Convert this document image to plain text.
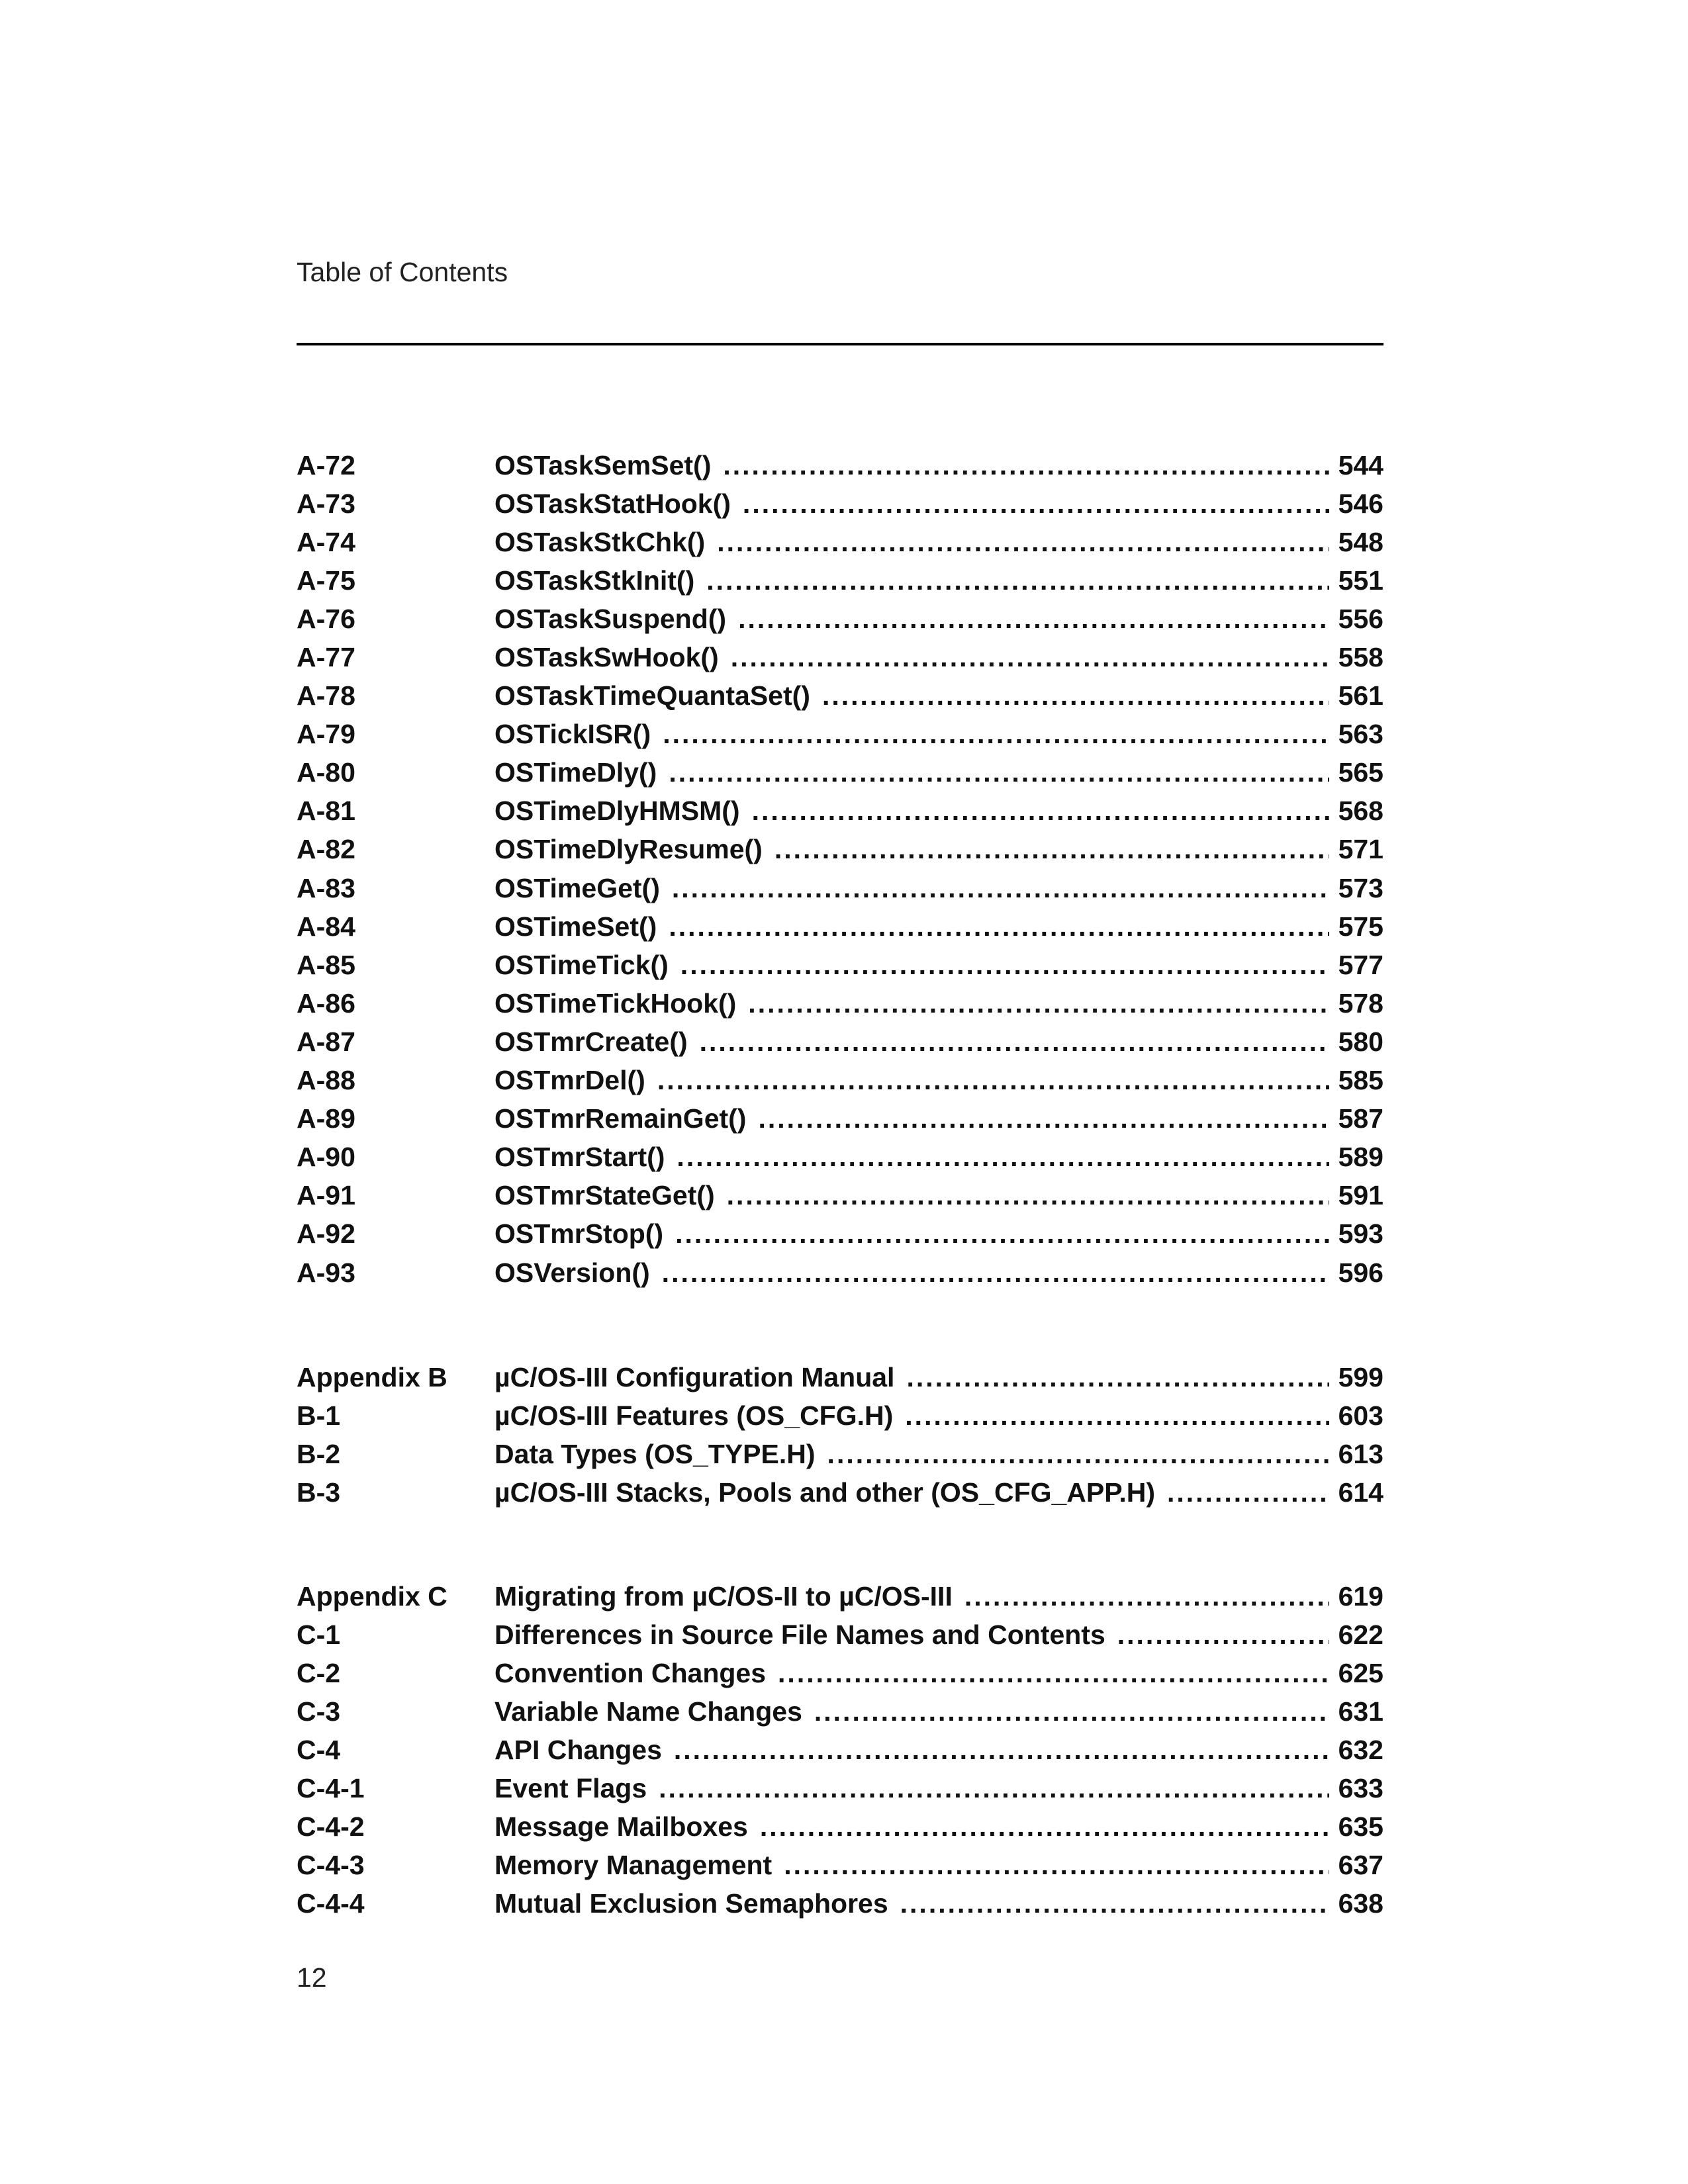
Table of Contents
A-72	OSTaskSemSet() .....	544
A-73	OSTaskStatHook() .....	546
A-74	OSTaskStkChk() .....	548
A-75	OSTaskStkInit() .....	551
A-76	OSTaskSuspend() .....	556
A-77	OSTaskSwHook() .....	558
A-78	OSTaskTimeQuantaSet() .....	561
A-79	OSTickISR() .....	563
A-80	OSTimeDly() .....	565
A-81	OSTimeDlyHMSM() .....	568
A-82	OSTimeDlyResume() .....	571
A-83	OSTimeGet() .....	573
A-84	OSTimeSet() .....	575
A-85	OSTimeTick() .....	577
A-86	OSTimeTickHook() .....	578
A-87	OSTmrCreate() .....	580
A-88	OSTmrDel() .....	585
A-89	OSTmrRemainGet() .....	587
A-90	OSTmrStart() .....	589
A-91	OSTmrStateGet() .....	591
A-92	OSTmrStop() .....	593
A-93	OSVersion() .....	596
Appendix B	µC/OS-III Configuration Manual .....	599
B-1	µC/OS-III Features (OS_CFG.H) .....	603
B-2	Data Types (OS_TYPE.H) .....	613
B-3	µC/OS-III Stacks, Pools and other (OS_CFG_APP.H) .....	614
Appendix C	Migrating from µC/OS-II to µC/OS-III .....	619
C-1	Differences in Source File Names and Contents .....	622
C-2	Convention Changes .....	625
C-3	Variable Name Changes .....	631
C-4	API Changes .....	632
C-4-1	Event Flags .....	633
C-4-2	Message Mailboxes .....	635
C-4-3	Memory Management .....	637
C-4-4	Mutual Exclusion Semaphores .....	638
12
